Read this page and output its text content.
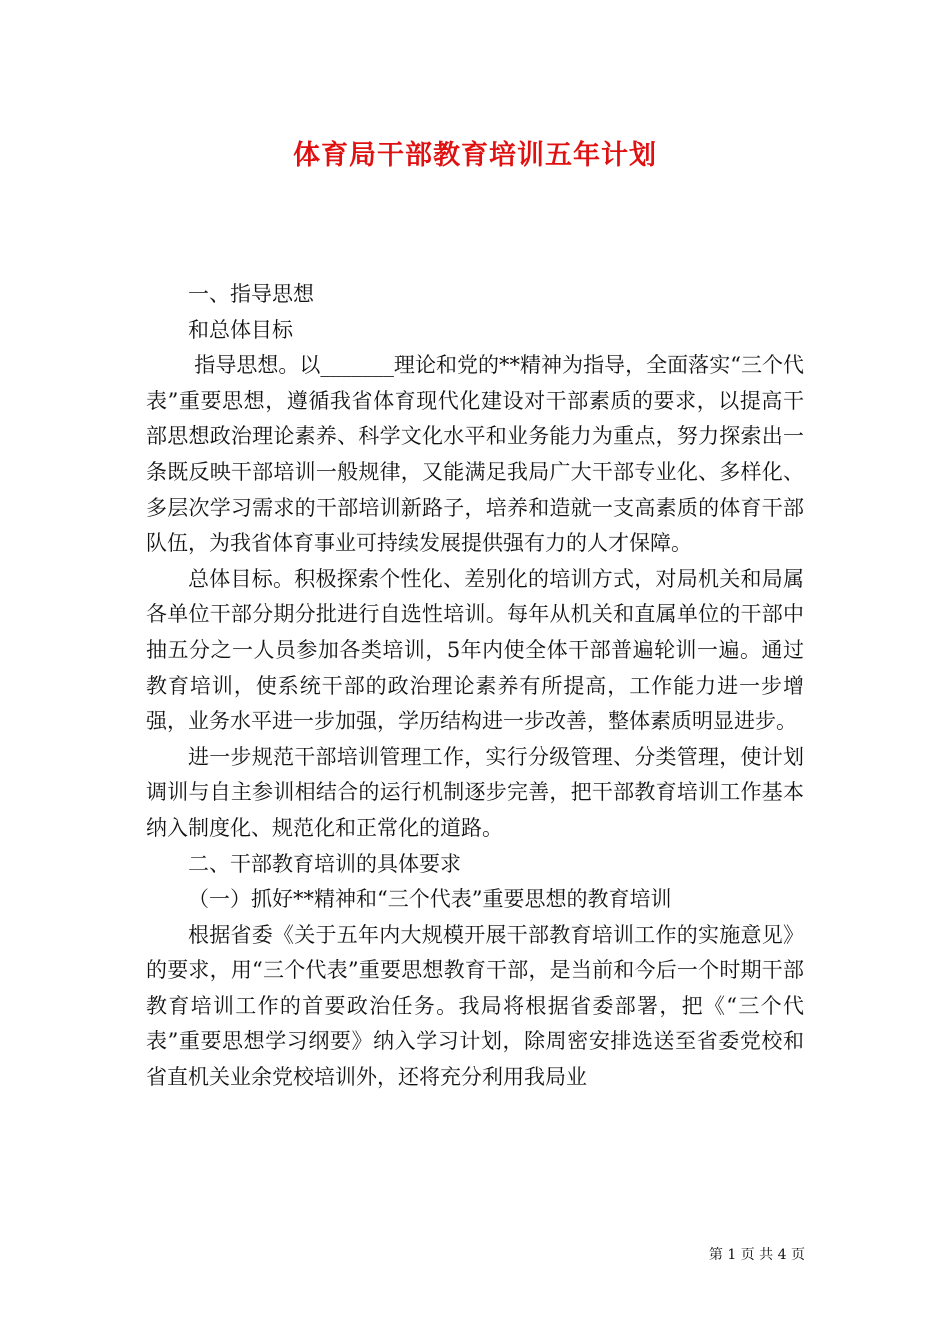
体育局干部教育培训五年计划

一、指导思想

和总体目标

指导思想。以_______理论和党的**精神为指导，全面落实“三个代表”重要思想，遵循我省体育现代化建设对干部素质的要求，以提高干部思想政治理论素养、科学文化水平和业务能力为重点，努力探索出一条既反映干部培训一般规律，又能满足我局广大干部专业化、多样化、多层次学习需求的干部培训新路子，培养和造就一支高素质的体育干部队伍，为我省体育事业可持续发展提供强有力的人才保障。

总体目标。积极探索个性化、差别化的培训方式，对局机关和局属各单位干部分期分批进行自选性培训。每年从机关和直属单位的干部中抽五分之一人员参加各类培训，5年内使全体干部普遍轮训一遍。通过教育培训，使系统干部的政治理论素养有所提高，工作能力进一步增强，业务水平进一步加强，学历结构进一步改善，整体素质明显进步。

进一步规范干部培训管理工作，实行分级管理、分类管理，使计划调训与自主参训相结合的运行机制逐步完善，把干部教育培训工作基本纳入制度化、规范化和正常化的道路。

二、干部教育培训的具体要求

（一）抓好**精神和“三个代表”重要思想的教育培训

根据省委《关于五年内大规模开展干部教育培训工作的实施意见》的要求，用“三个代表”重要思想教育干部，是当前和今后一个时期干部教育培训工作的首要政治任务。我局将根据省委部署，把《“三个代表”重要思想学习纲要》纳入学习计划，除周密安排选送至省委党校和省直机关业余党校培训外，还将充分利用我局业

第 1 页 共 4 页
